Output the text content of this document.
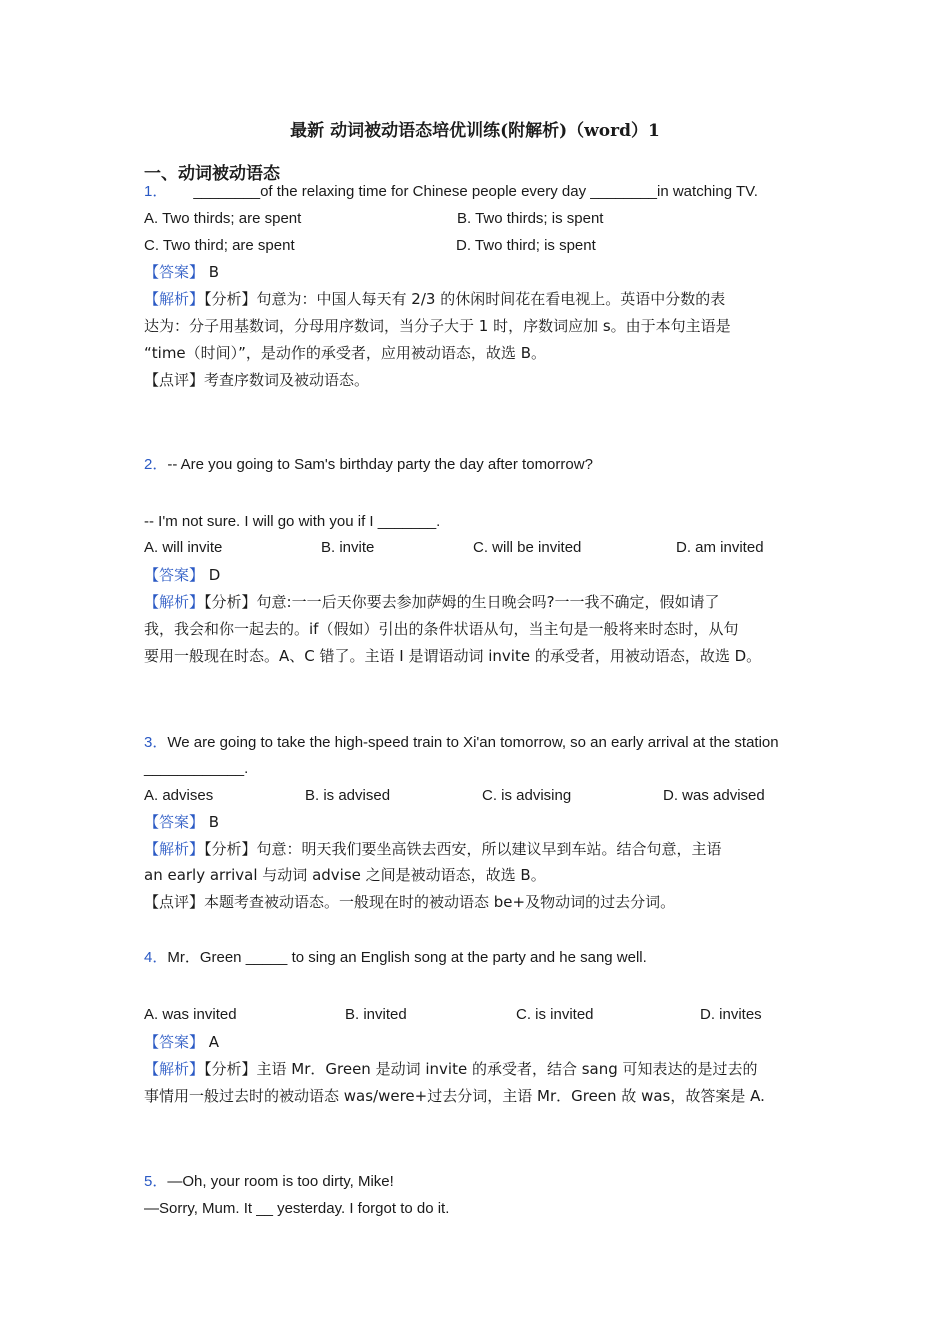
最新 动词被动语态培优训练(附解析)（word）1
一、动词被动语态
1． ________of the relaxing time for Chinese people every day ________in watching TV.
A. Two thirds; are spent	B. Two thirds; is spent
C. Two third; are spent	D. Two third; is spent
【答案】 B
【解析】【分析】句意为：中国人每天有 2/3 的休闲时间花在看电视上。英语中分数的表
达为：分子用基数词，分母用序数词，当分子大于 1 时，序数词应加 s。由于本句主语是
“time（时间）”，是动作的承受者，应用被动语态，故选 B。
【点评】考查序数词及被动语态。
2．-- Are you going to Sam's birthday party the day after tomorrow?
-- I'm not sure. I will go with you if I _______.
A. will invite	B. invite	C. will be invited	D. am invited
【答案】 D
【解析】【分析】句意:一一后天你要去参加萨姆的生日晚会吗?一一我不确定，假如请了
我，我会和你一起去的。if（假如）引出的条件状语从句，当主句是一般将来时态时，从句
要用一般现在时态。A、C 错了。主语 I 是谓语动词 invite 的承受者，用被动语态，故选 D。
3．We are going to take the high-speed train to Xi'an tomorrow, so an early arrival at the station
____________.
A. advises	B. is advised	C. is advising	D. was advised
【答案】 B
【解析】【分析】句意：明天我们要坐高铁去西安，所以建议早到车站。结合句意，主语
an early arrival 与动词 advise 之间是被动语态，故选 B。
【点评】本题考查被动语态。一般现在时的被动语态 be+及物动词的过去分词。
4．Mr．Green _____ to sing an English song at the party and he sang well.
A. was invited	B. invited	C. is invited	D. invites
【答案】 A
【解析】【分析】主语 Mr．Green 是动词 invite 的承受者，结合 sang 可知表达的是过去的
事情用一般过去时的被动语态 was/were+过去分词，主语 Mr．Green 故 was，故答案是 A.
5．—Oh, your room is too dirty, Mike!
—Sorry, Mum. It __ yesterday. I forgot to do it.
